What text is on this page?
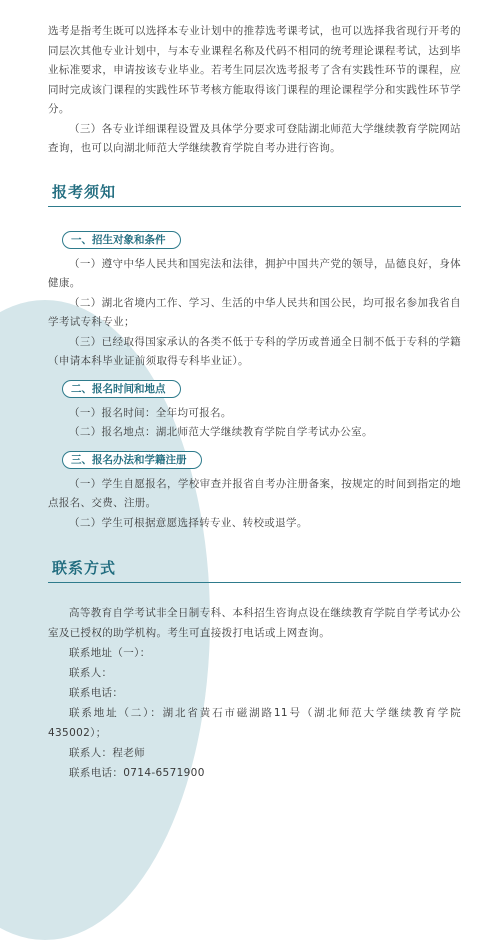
选考是指考生既可以选择本专业计划中的推荐选考课考试，也可以选择我省现行开考的同层次其他专业计划中，与本专业课程名称及代码不相同的统考理论课程考试，达到毕业标准要求，申请按该专业毕业。若考生同层次选考报考了含有实践性环节的课程，应同时完成该门课程的实践性环节考核方能取得该门课程的理论课程学分和实践性环节学分。

（三）各专业详细课程设置及具体学分要求可登陆湖北师范大学继续教育学院网站查询，也可以向湖北师范大学继续教育学院自考办进行咨询。

报考须知
一、招生对象和条件

（一）遵守中华人民共和国宪法和法律，拥护中国共产党的领导，品德良好，身体健康。

（二）湖北省境内工作、学习、生活的中华人民共和国公民，均可报名参加我省自学考试专科专业；

（三）已经取得国家承认的各类不低于专科的学历或普通全日制不低于专科的学籍（申请本科毕业证前须取得专科毕业证）。

二、报名时间和地点

（一）报名时间：全年均可报名。

（二）报名地点：湖北师范大学继续教育学院自学考试办公室。

三、报名办法和学籍注册

（一）学生自愿报名，学校审查并报省自考办注册备案，按规定的时间到指定的地点报名、交费、注册。

（二）学生可根据意愿选择转专业、转校或退学。

联系方式

高等教育自学考试非全日制专科、本科招生咨询点设在继续教育学院自学考试办公室及已授权的助学机构。考生可直接拨打电话或上网查询。

联系地址（一）：

联系人：

联系电话：

联系地址（二）：湖北省黄石市磁湖路11号（湖北师范大学继续教育学院 435002）；

联系人：程老师

联系电话：0714-6571900
